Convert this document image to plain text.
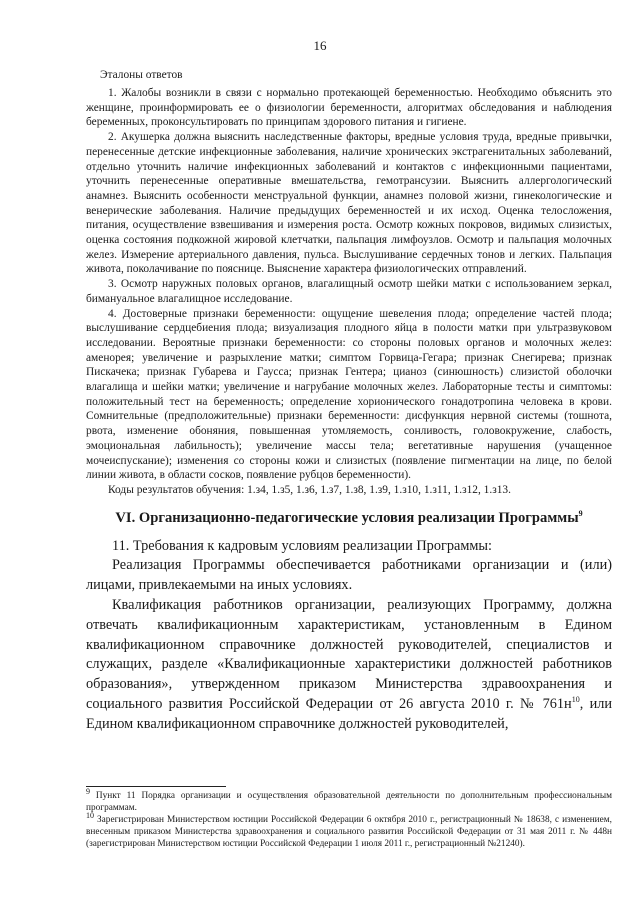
16
Эталоны ответов

1. Жалобы возникли в связи с нормально протекающей беременностью. Необходимо объяснить это женщине, проинформировать ее о физиологии беременности, алгоритмах обследования и наблюдения беременных, проконсультировать по принципам здорового питания и гигиене.

2. Акушерка должна выяснить наследственные факторы, вредные условия труда, вредные привычки, перенесенные детские инфекционные заболевания, наличие хронических экстрагенитальных заболеваний, отдельно уточнить наличие инфекционных заболеваний и контактов с инфекционными пациентами, уточнить перенесенные оперативные вмешательства, гемотрансузии. Выяснить аллергологический анамнез. Выяснить особенности менструальной функции, анамнез половой жизни, гинекологические и венерические заболевания. Наличие предыдущих беременностей и их исход. Оценка телосложения, питания, осуществление взвешивания и измерения роста. Осмотр кожных покровов, видимых слизистых, оценка состояния подкожной жировой клетчатки, пальпация лимфоузлов. Осмотр и пальпация молочных желез. Измерение артериального давления, пульса. Выслушивание сердечных тонов и легких. Пальпация живота, поколачивание по пояснице. Выяснение характера физиологических отправлений.

3. Осмотр наружных половых органов, влагалищный осмотр шейки матки с использованием зеркал, бимануальное влагалищное исследование.

4. Достоверные признаки беременности: ощущение шевеления плода; определение частей плода; выслушивание сердцебиения плода; визуализация плодного яйца в полости матки при ультразвуковом исследовании. Вероятные признаки беременности: со стороны половых органов и молочных желез: аменорея; увеличение и разрыхление матки; симптом Горвица-Гегара; признак Снегирева; признак Пискачека; признак Губарева и Гаусса; признак Гентера; цианоз (синюшность) слизистой оболочки влагалища и шейки матки; увеличение и нагрубание молочных желез. Лабораторные тесты и симптомы: положительный тест на беременность; определение хорионического гонадотропина человека в крови. Сомнительные (предположительные) признаки беременности: дисфункция нервной системы (тошнота, рвота, изменение обоняния, повышенная утомляемость, сонливость, головокружение, слабость, эмоциональная лабильность); увеличение массы тела; вегетативные нарушения (учащенное мочеиспускание); изменения со стороны кожи и слизистых (появление пигментации на лице, по белой линии живота, в области сосков, появление рубцов беременности).

Коды результатов обучения: 1.з4, 1.з5, 1.з6, 1.з7, 1.з8, 1.з9, 1.з10, 1.з11, 1.з12, 1.з13.

VI. Организационно-педагогические условия реализации Программы$^9$

11. Требования к кадровым условиям реализации Программы:

Реализация Программы обеспечивается работниками организации и (или) лицами, привлекаемыми на иных условиях.

Квалификация работников организации, реализующих Программу, должна отвечать квалификационным характеристикам, установленным в Едином квалификационном справочнике должностей руководителей, специалистов и служащих, разделе «Квалификационные характеристики должностей работников образования», утвержденном приказом Министерства здравоохранения и социального развития Российской Федерации от 26 августа 2010 г. № $761н^{10}$, или Едином квалификационном справочнике должностей руководителей,

$^9$ Пункт 11 Порядка организации и осуществления образовательной деятельности по дополнительным профессиональным программам.

$^{10}$ Зарегистрирован Министерством юстиции Российской Федерации 6 октября 2010 г., регистрационный № 18638, с изменением, внесенным приказом Министерства здравоохранения и социального развития Российской Федерации от 31 мая 2011 г. № 448н (зарегистрирован Министерством юстиции Российской Федерации 1 июля 2011 г., регистрационный №21240).
